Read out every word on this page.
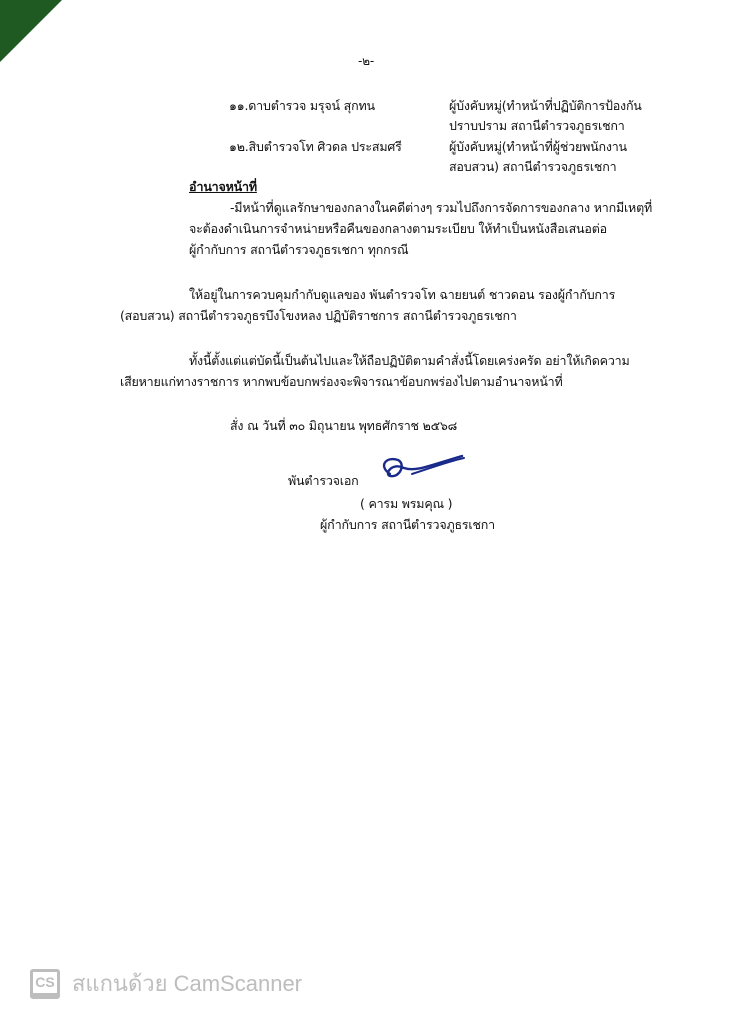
-๒-
๑๑.ดาบตำรวจ มรุจน์ สุกทน	ผู้บังคับหมู่(ทำหน้าที่ปฏิบัติการป้องกัน
ปราบปราม สถานีตำรวจภูธรเชกา
๑๒.สิบตำรวจโท ศิวดล ประสมศรี	ผู้บังคับหมู่(ทำหน้าที่ผู้ช่วยพนักงาน
สอบสวน) สถานีตำรวจภูธรเชกา
อำนาจหน้าที่
-มีหน้าที่ดูแลรักษาของกลางในคดีต่างๆ รวมไปถึงการจัดการของกลาง หากมีเหตุที่
จะต้องดำเนินการจำหน่ายหรือคืนของกลางตามระเบียบ ให้ทำเป็นหนังสือเสนอต่อ
ผู้กำกับการ สถานีตำรวจภูธรเชกา ทุกกรณี
ให้อยู่ในการควบคุมกำกับดูแลของ พันตำรวจโท ฉายยนต์ ชาวดอน รองผู้กำกับการ
(สอบสวน) สถานีตำรวจภูธรบึงโขงหลง ปฏิบัติราชการ สถานีตำรวจภูธรเชกา
ทั้งนี้ตั้งแต่แต่บัดนี้เป็นต้นไปและให้ถือปฏิบัติตามคำสั่งนี้โดยเคร่งครัด อย่าให้เกิดความ
เสียหายแก่ทางราชการ หากพบข้อบกพร่องจะพิจารณาข้อบกพร่องไปตามอำนาจหน้าที่
สั่ง ณ วันที่ ๓๐ มิถุนายน พุทธศักราช ๒๕๖๘
พันตำรวจเอก
( คารม พรมคุณ )
ผู้กำกับการ สถานีตำรวจภูธรเชกา
CS สแกนด้วย CamScanner
